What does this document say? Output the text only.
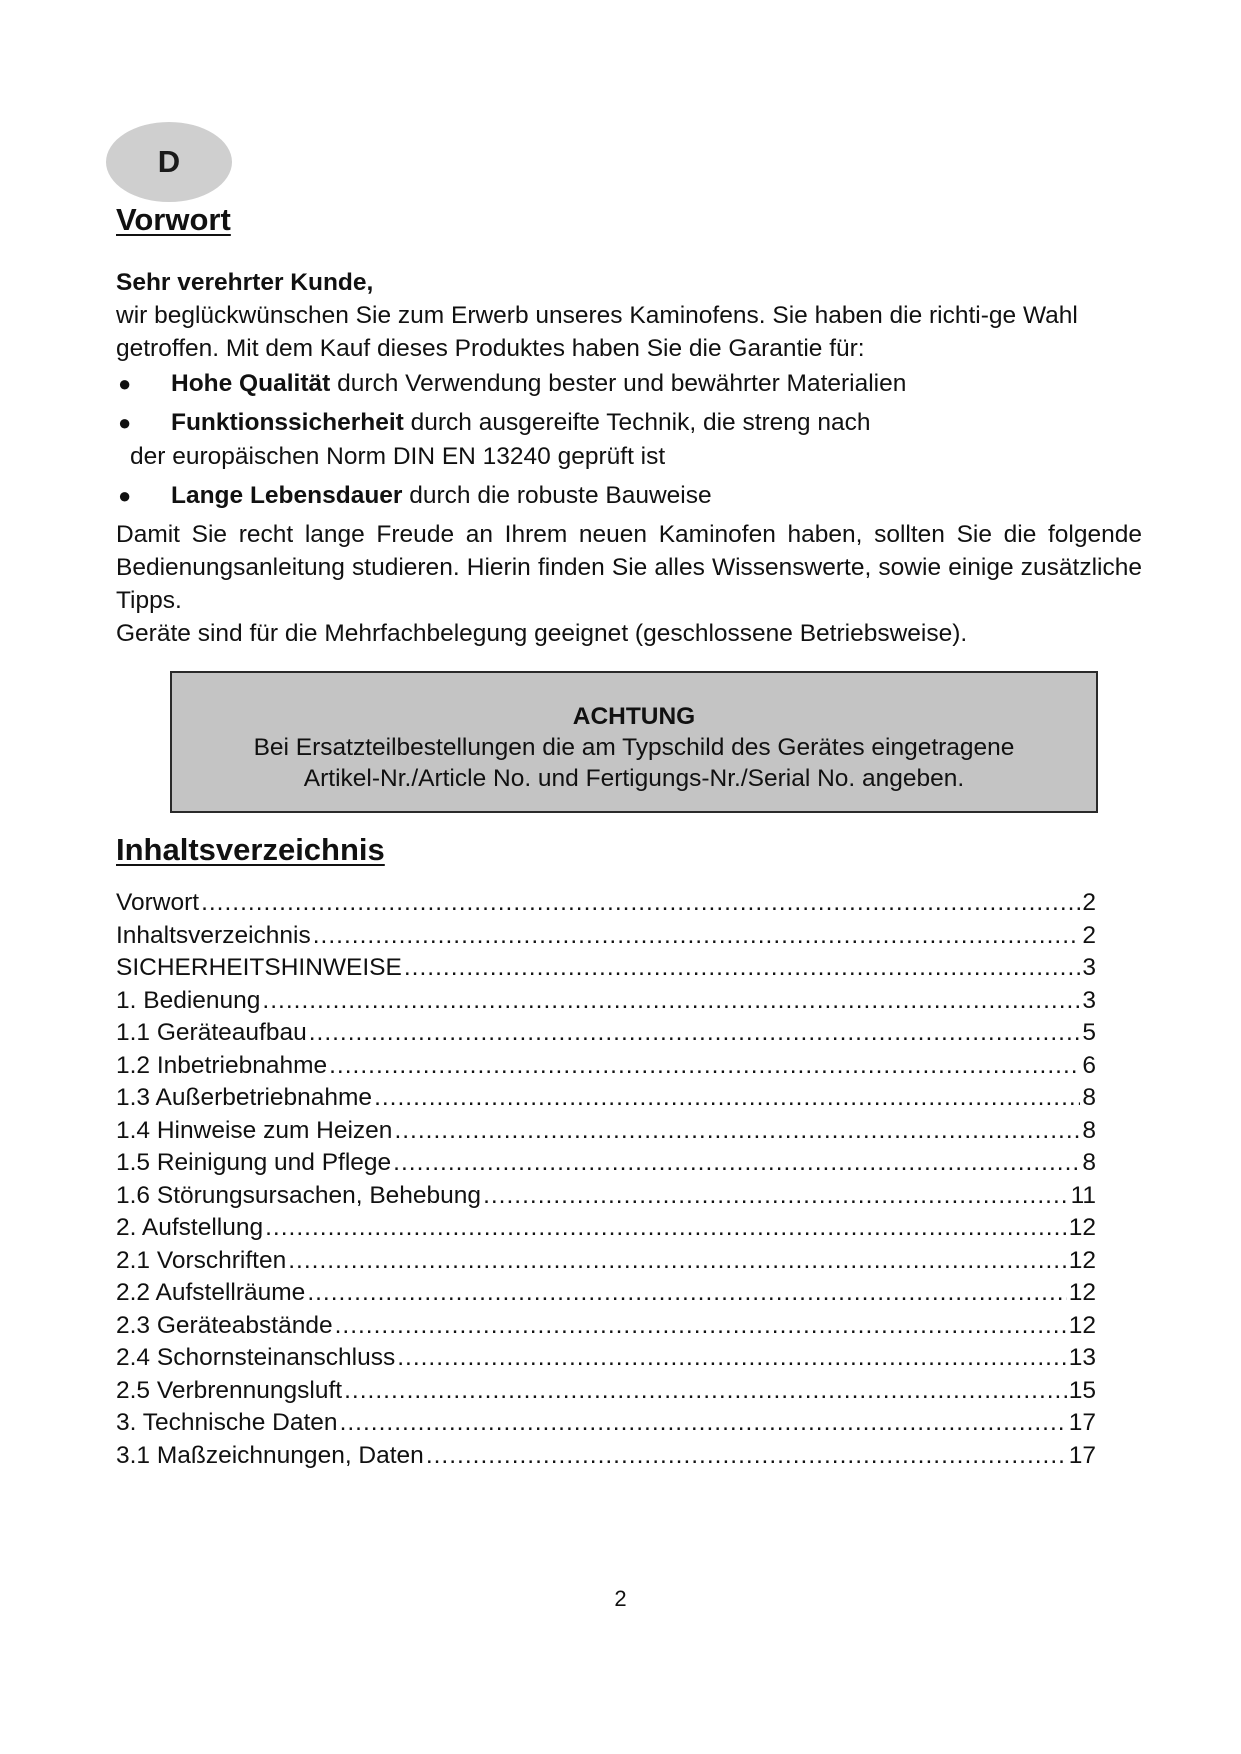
D
Vorwort

Sehr verehrter Kunde,

wir beglückwünschen Sie zum Erwerb unseres Kaminofens. Sie haben die richti-ge Wahl getroffen. Mit dem Kauf dieses Produktes haben Sie die Garantie für:

● Hohe Qualität durch Verwendung bester und bewährter Materialien
● Funktionssicherheit durch ausgereifte Technik, die streng nach
der europäischen Norm DIN EN 13240 geprüft ist
● Lange Lebensdauer durch die robuste Bauweise

Damit Sie recht lange Freude an Ihrem neuen Kaminofen haben, sollten Sie die folgende Bedienungsanleitung studieren. Hierin finden Sie alles Wissenswerte, sowie einige zusätzliche Tipps.

Geräte sind für die Mehrfachbelegung geeignet (geschlossene Betriebsweise).

ACHTUNG
Bei Ersatzteilbestellungen die am Typschild des Gerätes eingetragene
Artikel-Nr./Article No. und Fertigungs-Nr./Serial No. angeben.
Inhaltsverzeichnis
Vorwort .....	2
Inhaltsverzeichnis .....	2
SICHERHEITSHINWEISE .....	3
1. Bedienung .....	3
1.1 Geräteaufbau .....	5
1.2 Inbetriebnahme .....	6
1.3 Außerbetriebnahme .....	8
1.4 Hinweise zum Heizen .....	8
1.5 Reinigung und Pflege .....	8
1.6 Störungsursachen, Behebung .....	11
2. Aufstellung .....	12
2.1 Vorschriften .....	12
2.2 Aufstellräume .....	12
2.3 Geräteabstände .....	12
2.4 Schornsteinanschluss .....	13
2.5 Verbrennungsluft .....	15
3. Technische Daten .....	17
3.1 Maßzeichnungen, Daten .....	17
2
